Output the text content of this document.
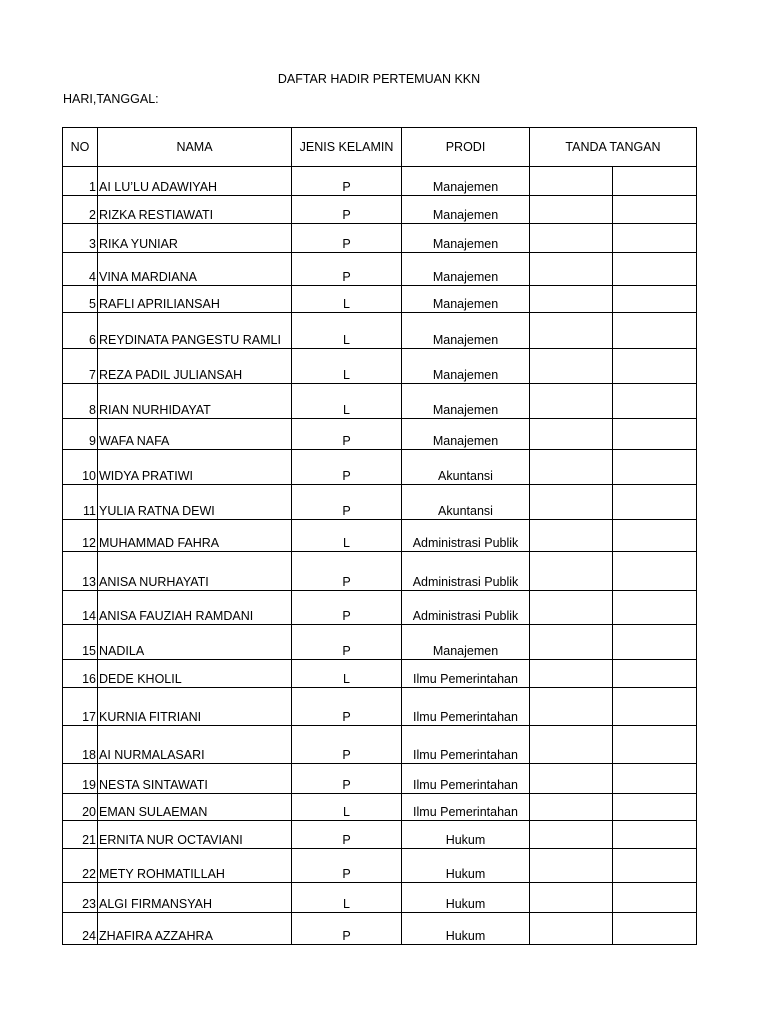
DAFTAR HADIR PERTEMUAN KKN
HARI,TANGGAL:
NO	NAMA	JENIS KELAMIN	PRODI	TANDA TANGAN	
1	AI LU’LU ADAWIYAH	P	Manajemen		
2	RIZKA RESTIAWATI	P	Manajemen		
3	RIKA YUNIAR	P	Manajemen		
4	VINA MARDIANA	P	Manajemen		
5	RAFLI APRILIANSAH	L	Manajemen		
6	REYDINATA PANGESTU RAMLI	L	Manajemen		
7	REZA PADIL JULIANSAH	L	Manajemen		
8	RIAN NURHIDAYAT	L	Manajemen		
9	WAFA NAFA	P	Manajemen		
10	WIDYA PRATIWI	P	Akuntansi		
11	YULIA RATNA DEWI	P	Akuntansi		
12	MUHAMMAD FAHRA	L	Administrasi Publik		
13	ANISA NURHAYATI	P	Administrasi Publik		
14	ANISA FAUZIAH RAMDANI	P	Administrasi Publik		
15	NADILA	P	Manajemen		
16	DEDE KHOLIL	L	Ilmu Pemerintahan		
17	KURNIA FITRIANI	P	Ilmu Pemerintahan		
18	AI NURMALASARI	P	Ilmu Pemerintahan		
19	NESTA SINTAWATI	P	Ilmu Pemerintahan		
20	EMAN SULAEMAN	L	Ilmu Pemerintahan		
21	ERNITA NUR OCTAVIANI	P	Hukum		
22	METY ROHMATILLAH	P	Hukum		
23	ALGI FIRMANSYAH	L	Hukum		
24	ZHAFIRA AZZAHRA	P	Hukum		
